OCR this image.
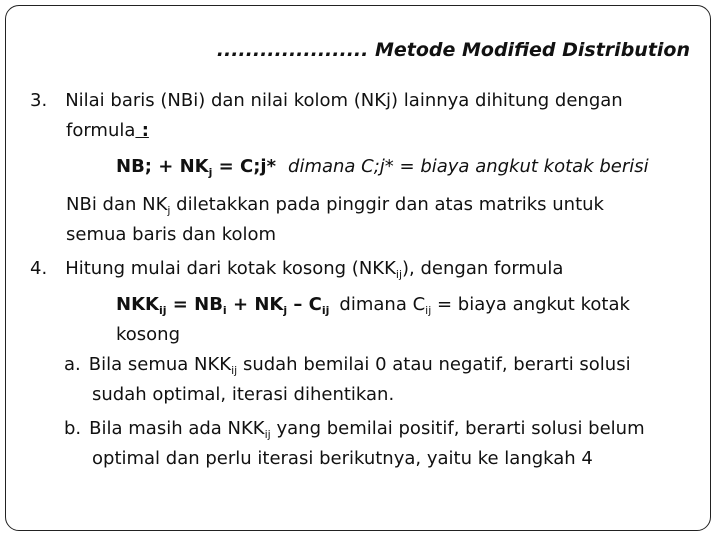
..................... Metode Modified Distribution
3. Nilai baris (NBi) dan nilai kolom (NKj) lainnya dihitung dengan
formula :
NB; + $NK_j$ = C;j* dimana C;j* = biaya angkut kotak berisi
NBi dan $NK_j$ diletakkan pada pinggir dan atas matriks untuk
semua baris dan kolom
4. Hitung mulai dari kotak kosong $(NKK_{ij})$, dengan formula
$NKK_{ij} = NB_i + NK_j - C_{ij}$ dimana $C_{ij}$ = biaya angkut kotak
kosong
a. Bila semua $NKK_{ij}$ sudah bemilai 0 atau negatif, berarti solusi
sudah optimal, iterasi dihentikan.
b. Bila masih ada $NKK_{ij}$ yang bemilai positif, berarti solusi belum
optimal dan perlu iterasi berikutnya, yaitu ke langkah 4
